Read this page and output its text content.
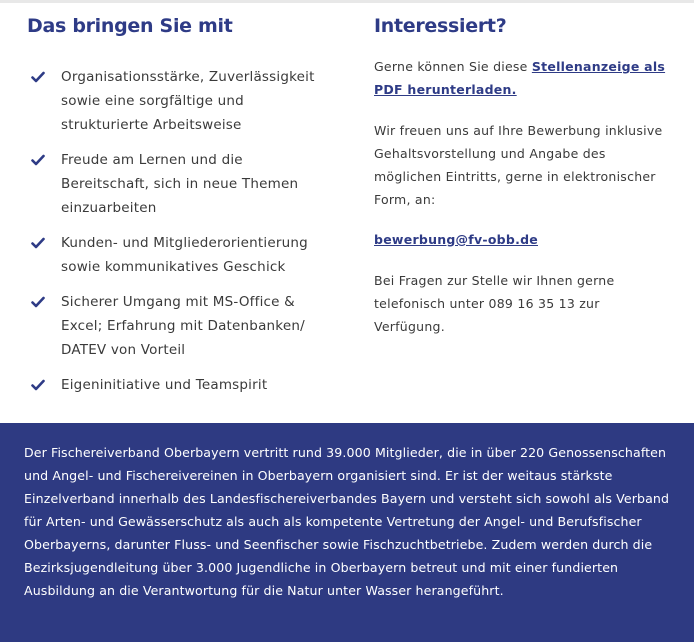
Das bringen Sie mit
Organisationsstärke, Zuverlässigkeit sowie eine sorgfältige und strukturierte Arbeitsweise
Freude am Lernen und die Bereitschaft, sich in neue Themen einzuarbeiten
Kunden- und Mitgliederorientierung sowie kommunikatives Geschick
Sicherer Umgang mit MS-Office & Excel; Erfahrung mit Datenbanken/ DATEV von Vorteil
Eigeninitiative und Teamspirit
Interessiert?

Gerne können Sie diese Stellenanzeige als PDF herunterladen.

Wir freuen uns auf Ihre Bewerbung inklusive Gehaltsvorstellung und Angabe des möglichen Eintritts, gerne in elektronischer Form, an:

bewerbung@fv-obb.de

Bei Fragen zur Stelle wir Ihnen gerne telefonisch unter 089 16 35 13 zur Verfügung.

Der Fischereiverband Oberbayern vertritt rund 39.000 Mitglieder, die in über 220 Genossenschaften und Angel- und Fischereivereinen in Oberbayern organisiert sind. Er ist der weitaus stärkste Einzelverband innerhalb des Landesfischereiverbandes Bayern und versteht sich sowohl als Verband für Arten- und Gewässerschutz als auch als kompetente Vertretung der Angel- und Berufsfischer Oberbayerns, darunter Fluss- und Seenfischer sowie Fischzuchtbetriebe. Zudem werden durch die Bezirksjugendleitung über 3.000 Jugendliche in Oberbayern betreut und mit einer fundierten Ausbildung an die Verantwortung für die Natur unter Wasser herangeführt.
